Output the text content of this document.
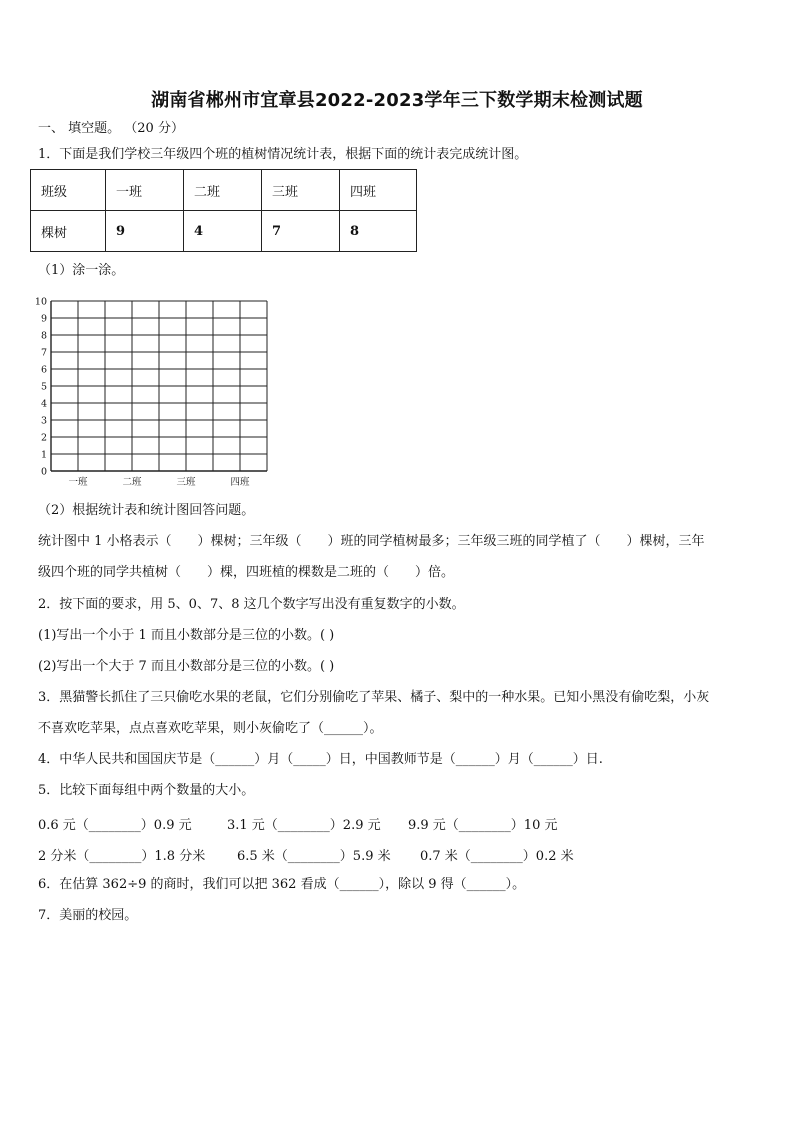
湖南省郴州市宜章县2022-2023学年三下数学期末检测试题
一、 填空题。 （20 分）
1．下面是我们学校三年级四个班的植树情况统计表，根据下面的统计表完成统计图。
班级	一班	二班	三班	四班
棵树	9	4	7	8
（1）涂一涂。
0
1
2
3
4
5
6
7
8
9
10
一班	二班	三班	四班
（2）根据统计表和统计图回答问题。
统计图中 1 小格表示（　　）棵树；三年级（　　）班的同学植树最多；三年级三班的同学植了（　　）棵树，三年
级四个班的同学共植树（　　）棵，四班植的棵数是二班的（　　）倍。
2．按下面的要求，用 5、0、7、8 这几个数字写出没有重复数字的小数。
(1)写出一个小于 1 而且小数部分是三位的小数。( )
(2)写出一个大于 7 而且小数部分是三位的小数。( )
3．黑猫警长抓住了三只偷吃水果的老鼠，它们分别偷吃了苹果、橘子、梨中的一种水果。已知小黑没有偷吃梨，小灰
不喜欢吃苹果，点点喜欢吃苹果，则小灰偷吃了（______）。
4．中华人民共和国国庆节是（______）月（_____）日，中国教师节是（______）月（______）日.
5．比较下面每组中两个数量的大小。
0.6 元（________）0.9 元	3.1 元（________）2.9 元 9.9 元（________）10 元
2 分米（________）1.8 分米 6.5 米（________）5.9 米 0.7 米（________）0.2 米
6．在估算 362÷9 的商时，我们可以把 362 看成（______），除以 9 得（______）。
7．美丽的校园。
